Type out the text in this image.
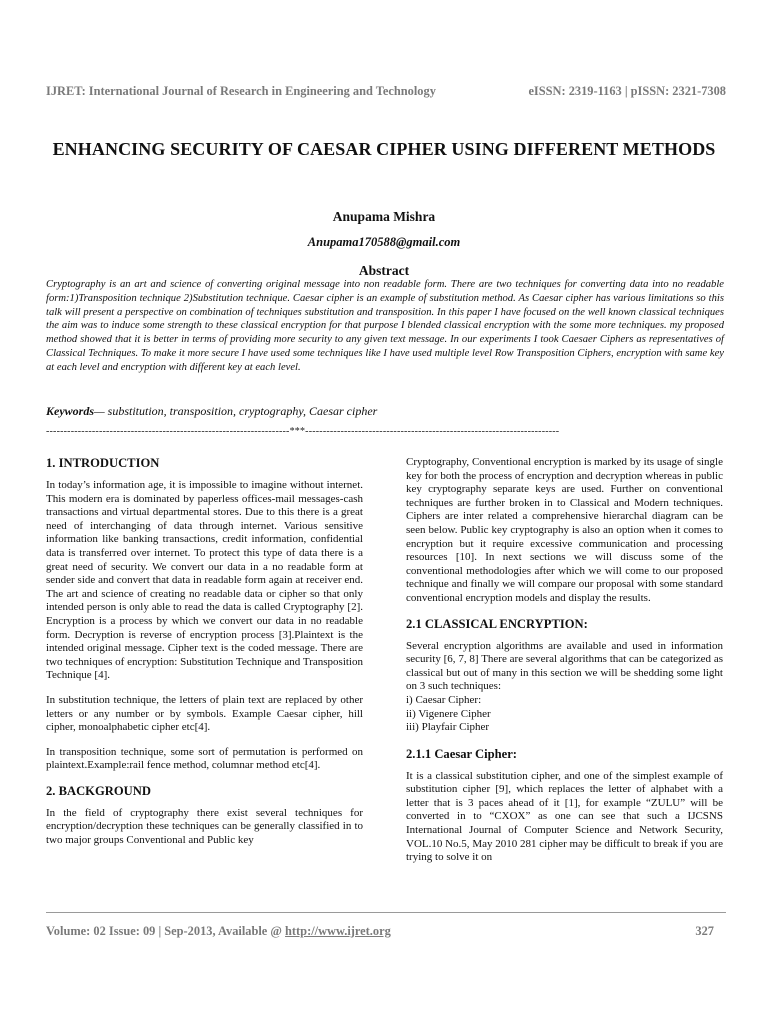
IJRET: International Journal of Research in Engineering and Technology	eISSN: 2319-1163 | pISSN: 2321-7308
ENHANCING SECURITY OF CAESAR CIPHER USING DIFFERENT METHODS
Anupama Mishra
Anupama170588@gmail.com
Abstract

Cryptography is an art and science of converting original message into non readable form. There are two techniques for converting data into no readable form:1)Transposition technique 2)Substitution technique. Caesar cipher is an example of substitution method. As Caesar cipher has various limitations so this talk will present a perspective on combination of techniques substitution and transposition. In this paper I have focused on the well known classical techniques the aim was to induce some strength to these classical encryption for that purpose I blended classical encryption with the some more techniques. my proposed method showed that it is better in terms of providing more security to any given text message. In our experiments I took Caesaer Ciphers as representatives of Classical Techniques. To make it more secure I have used some techniques like I have used multiple level Row Transposition Ciphers, encryption with same key at each level and encryption with different key at each level.

Keywords— substitution, transposition, cryptography, Caesar cipher
---------------------------------------------------------------------***------------------------------------------------------------------------
1. INTRODUCTION

In today’s information age, it is impossible to imagine without internet. This modern era is dominated by paperless offices-mail messages-cash transactions and virtual departmental stores. Due to this there is a great need of interchanging of data through internet. Various sensitive information like banking transactions, credit information, confidential data is transferred over internet. To protect this type of data there is a great need of security. We convert our data in a no readable form at sender side and convert that data in readable form again at receiver end. The art and science of creating no readable data or cipher so that only intended person is only able to read the data is called Cryptography [2]. Encryption is a process by which we convert our data in no readable form. Decryption is reverse of encryption process [3].Plaintext is the intended original message. Cipher text is the coded message. There are two techniques of encryption: Substitution Technique and Transposition Technique [4].

In substitution technique, the letters of plain text are replaced by other letters or any number or by symbols. Example Caesar cipher, hill cipher, monoalphabetic cipher etc[4].

In transposition technique, some sort of permutation is performed on plaintext.Example:rail fence method, columnar method etc[4].

2. BACKGROUND

In the field of cryptography there exist several techniques for encryption/decryption these techniques can be generally classified in to two major groups Conventional and Public key

Cryptography, Conventional encryption is marked by its usage of single key for both the process of encryption and decryption whereas in public key cryptography separate keys are used. Further on conventional techniques are further broken in to Classical and Modern techniques. Ciphers are inter related a comprehensive hierarchal diagram can be seen below. Public key cryptography is also an option when it comes to encryption but it require excessive communication and processing resources [10]. In next sections we will discuss some of the conventional methodologies after which we will come to our proposed technique and finally we will compare our proposal with some standard conventional encryption models and display the results.

2.1 CLASSICAL ENCRYPTION:

Several encryption algorithms are available and used in information security [6, 7, 8] There are several algorithms that can be categorized as classical but out of many in this section we will be shedding some light on 3 such techniques:

i) Caesar Cipher:
ii) Vigenere Cipher
iii) Playfair Cipher
2.1.1 Caesar Cipher:

It is a classical substitution cipher, and one of the simplest example of substitution cipher [9], which replaces the letter of alphabet with a letter that is 3 paces ahead of it [1], for example “ZULU” will be converted in to “CXOX” as one can see that such a IJCSNS International Journal of Computer Science and Network Security, VOL.10 No.5, May 2010 281 cipher may be difficult to break if you are trying to solve it on

Volume: 02 Issue: 09 | Sep-2013, Available @ http://www.ijret.org	327
